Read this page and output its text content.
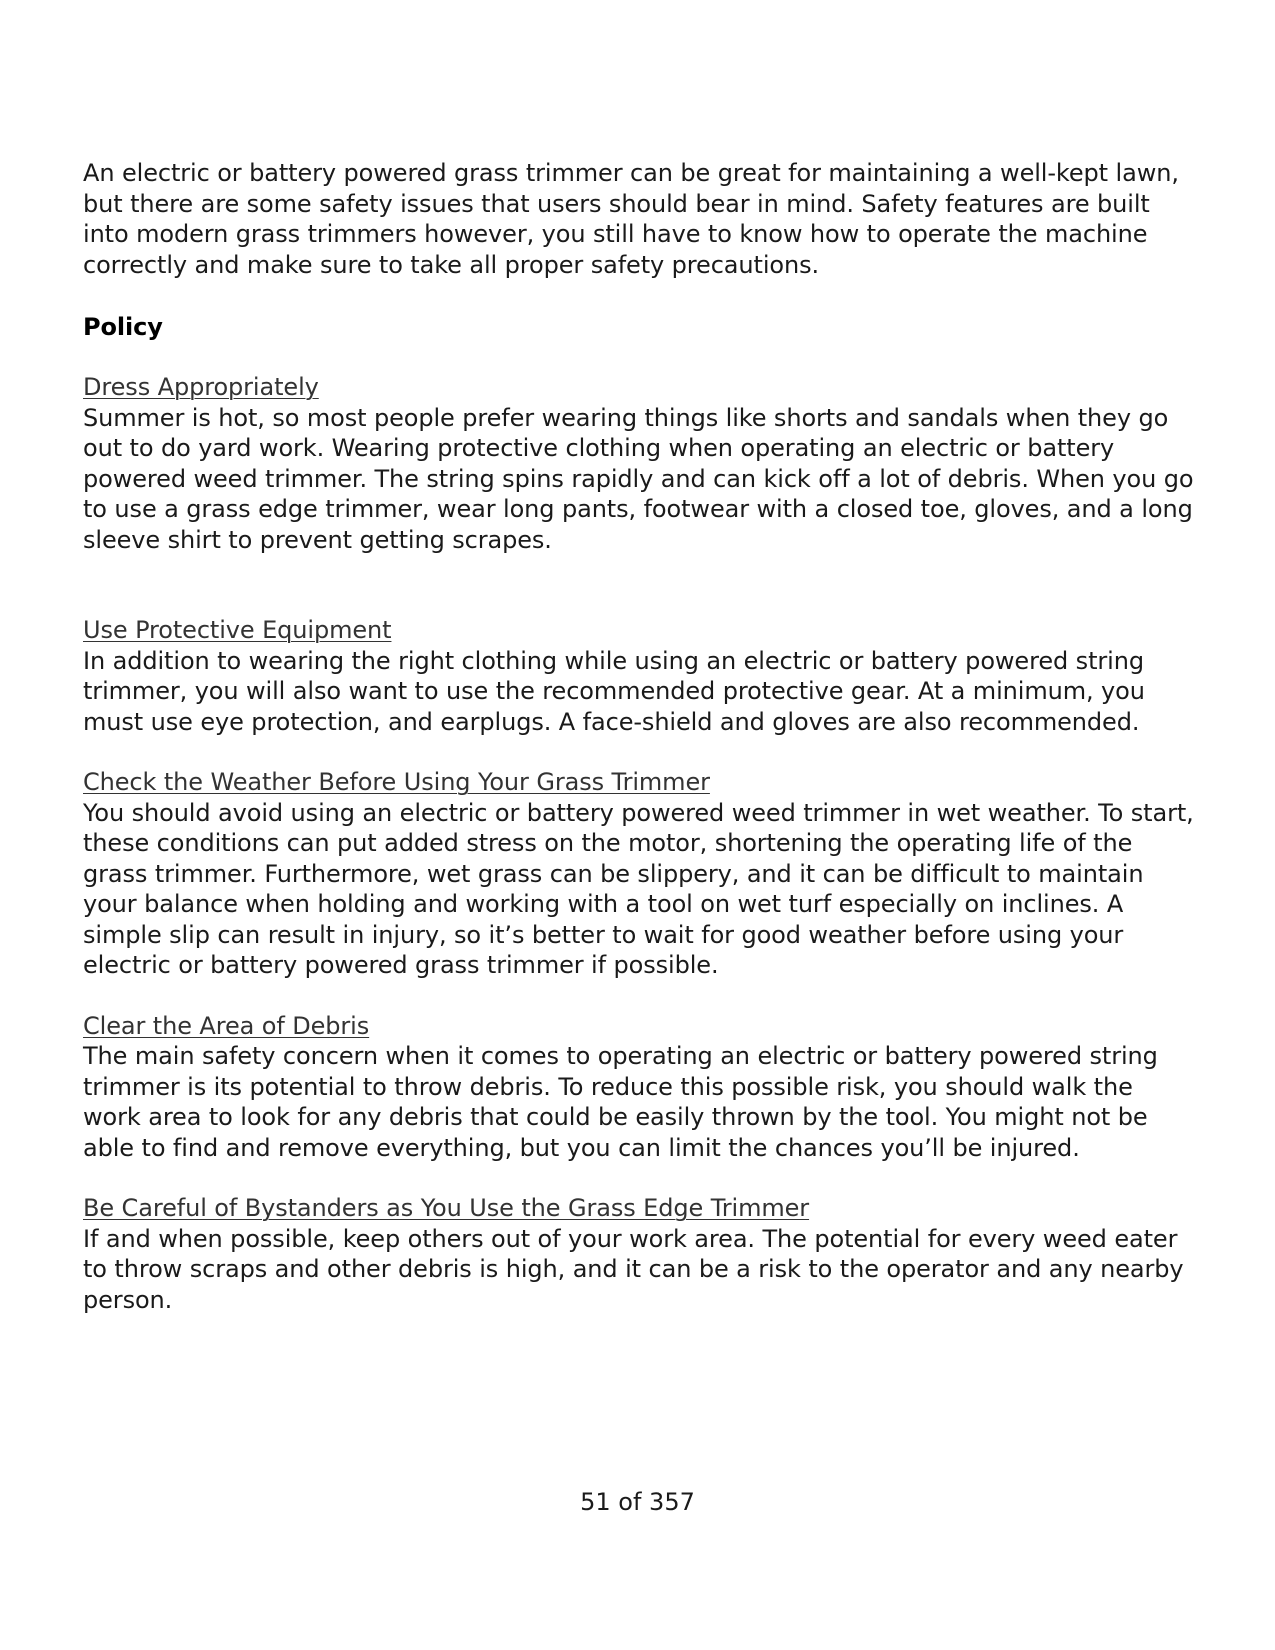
An electric or battery powered grass trimmer can be great for maintaining a well-kept lawn, but there are some safety issues that users should bear in mind. Safety features are built into modern grass trimmers however, you still have to know how to operate the machine correctly and make sure to take all proper safety precautions.

Policy

Dress Appropriately

Summer is hot, so most people prefer wearing things like shorts and sandals when they go out to do yard work. Wearing protective clothing when operating an electric or battery powered weed trimmer. The string spins rapidly and can kick off a lot of debris. When you go to use a grass edge trimmer, wear long pants, footwear with a closed toe, gloves, and a long sleeve shirt to prevent getting scrapes.

Use Protective Equipment

In addition to wearing the right clothing while using an electric or battery powered string trimmer, you will also want to use the recommended protective gear. At a minimum, you must use eye protection, and earplugs. A face-shield and gloves are also recommended.

Check the Weather Before Using Your Grass Trimmer

You should avoid using an electric or battery powered weed trimmer in wet weather. To start, these conditions can put added stress on the motor, shortening the operating life of the grass trimmer. Furthermore, wet grass can be slippery, and it can be difficult to maintain your balance when holding and working with a tool on wet turf especially on inclines. A simple slip can result in injury, so it’s better to wait for good weather before using your electric or battery powered grass trimmer if possible.

Clear the Area of Debris

The main safety concern when it comes to operating an electric or battery powered string trimmer is its potential to throw debris. To reduce this possible risk, you should walk the work area to look for any debris that could be easily thrown by the tool. You might not be able to find and remove everything, but you can limit the chances you’ll be injured.

Be Careful of Bystanders as You Use the Grass Edge Trimmer

If and when possible, keep others out of your work area. The potential for every weed eater to throw scraps and other debris is high, and it can be a risk to the operator and any nearby person.

51 of 357
